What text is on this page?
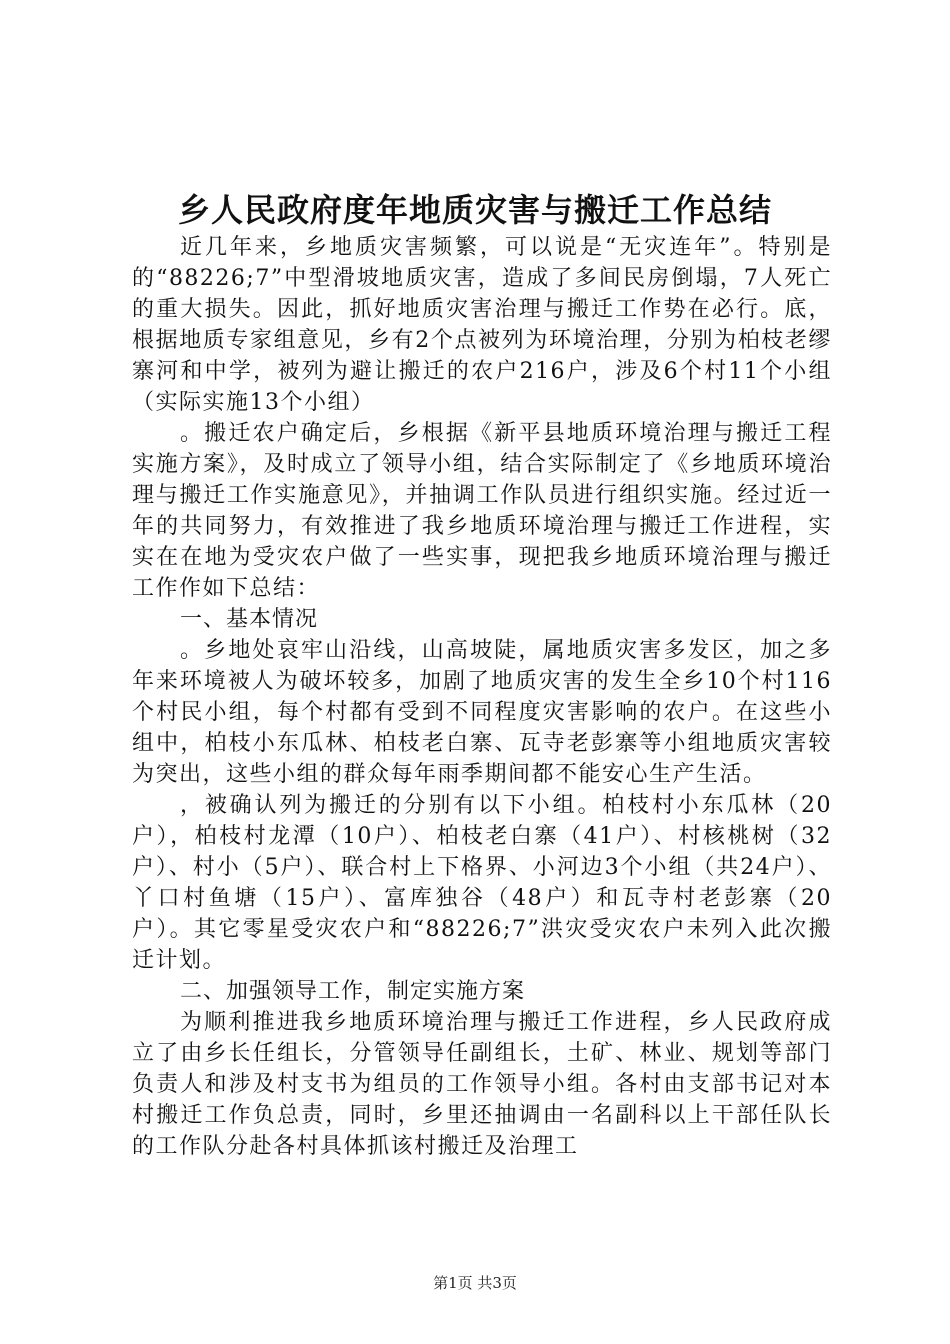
乡人民政府度年地质灾害与搬迁工作总结

近几年来，乡地质灾害频繁，可以说是“无灾连年”。特别是的“88226;7”中型滑坡地质灾害，造成了多间民房倒塌，7人死亡的重大损失。因此，抓好地质灾害治理与搬迁工作势在必行。底，根据地质专家组意见，乡有2个点被列为环境治理，分别为柏枝老缪寨河和中学，被列为避让搬迁的农户216户，涉及6个村11个小组（实际实施13个小组）

。搬迁农户确定后，乡根据《新平县地质环境治理与搬迁工程实施方案》，及时成立了领导小组，结合实际制定了《乡地质环境治理与搬迁工作实施意见》，并抽调工作队员进行组织实施。经过近一年的共同努力，有效推进了我乡地质环境治理与搬迁工作进程，实实在在地为受灾农户做了一些实事，现把我乡地质环境治理与搬迁工作作如下总结：

一、基本情况

。乡地处哀牢山沿线，山高坡陡，属地质灾害多发区，加之多年来环境被人为破坏较多，加剧了地质灾害的发生全乡10个村116个村民小组，每个村都有受到不同程度灾害影响的农户。在这些小组中，柏枝小东瓜林、柏枝老白寨、瓦寺老彭寨等小组地质灾害较为突出，这些小组的群众每年雨季期间都不能安心生产生活。

，被确认列为搬迁的分别有以下小组。柏枝村小东瓜林（20户），柏枝村龙潭（10户）、柏枝老白寨（41户）、村核桃树（32户）、村小（5户）、联合村上下格界、小河边3个小组（共24户）、丫口村鱼塘（15户）、富库独谷（48户）和瓦寺村老彭寨（20户）。其它零星受灾农户和“88226;7”洪灾受灾农户未列入此次搬迁计划。

二、加强领导工作，制定实施方案

为顺利推进我乡地质环境治理与搬迁工作进程，乡人民政府成立了由乡长任组长，分管领导任副组长，土矿、林业、规划等部门负责人和涉及村支书为组员的工作领导小组。各村由支部书记对本村搬迁工作负总责，同时，乡里还抽调由一名副科以上干部任队长的工作队分赴各村具体抓该村搬迁及治理工

第1页 共3页
